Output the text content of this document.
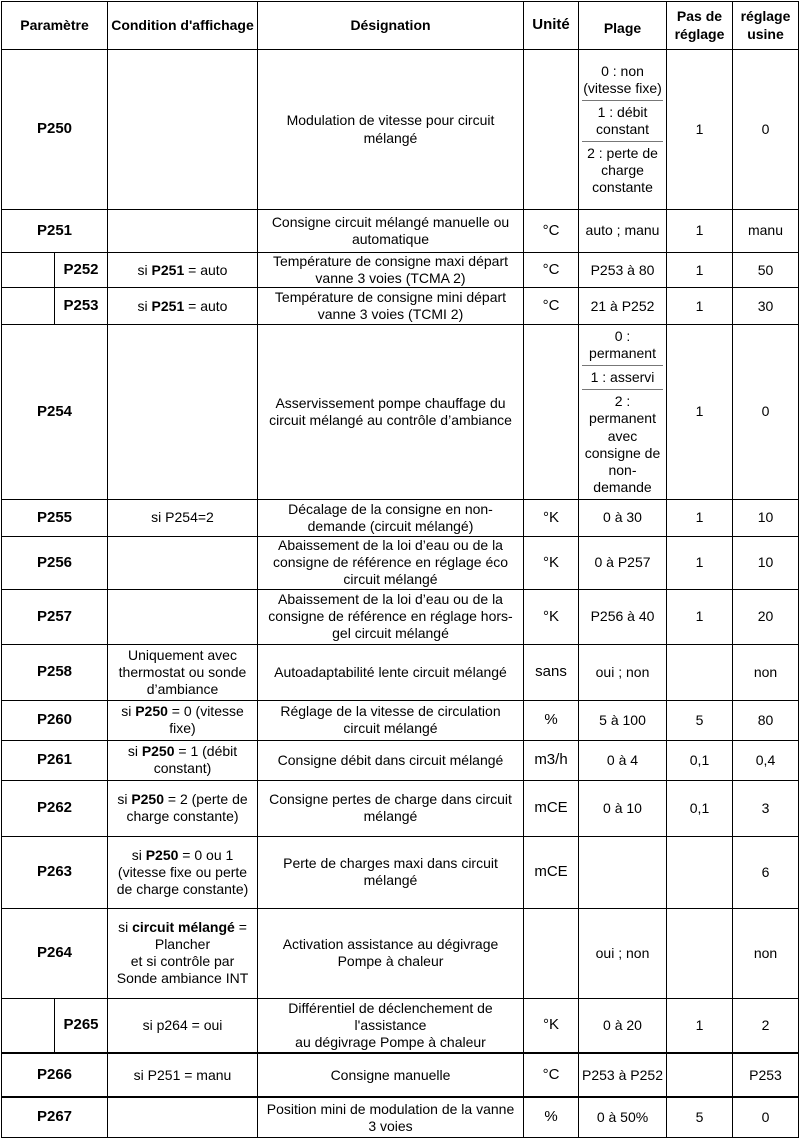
Paramètre		Condition d'affichage	Désignation	Unité	Plage	Pas de réglage	réglage usine
P250			Modulation de vitesse pour circuit mélangé		0 : non (vitesse fixe)
1 : débit constant
2 : perte de charge constante	1	0
P251			Consigne circuit mélangé manuelle ou automatique	°C	auto ; manu	1	manu
	P252	si P251 = auto	Température de consigne maxi départ vanne 3 voies (TCMA 2)	°C	P253 à 80	1	50
	P253	si P251 = auto	Température de consigne mini départ vanne 3 voies (TCMI 2)	°C	21 à P252	1	30
P254			Asservissement pompe chauffage du circuit mélangé au contrôle d’ambiance		0 : permanent
1 : asservi
2 : permanent avec consigne de non-demande	1	0
P255		si P254=2	Décalage de la consigne en non-demande (circuit mélangé)	°K	0 à 30	1	10
P256			Abaissement de la loi d’eau ou de la consigne de référence en réglage éco circuit mélangé	°K	0 à P257	1	10
P257			Abaissement de la loi d’eau ou de la consigne de référence en réglage hors-gel circuit mélangé	°K	P256 à 40	1	20
P258		Uniquement avec thermostat ou sonde d’ambiance	Autoadaptabilité lente circuit mélangé	sans	oui ; non		non
P260		si P250 = 0 (vitesse fixe)	Réglage de la vitesse de circulation circuit mélangé	%	5 à 100	5	80
P261		si P250 = 1 (débit constant)	Consigne débit dans circuit mélangé	m3/h	0 à 4	0,1	0,4
P262		si P250 = 2 (perte de charge constante)	Consigne pertes de charge dans circuit mélangé	mCE	0 à 10	0,1	3
P263		si P250 = 0 ou 1 (vitesse fixe ou perte de charge constante)	Perte de charges maxi dans circuit mélangé	mCE			6
P264		si circuit mélangé = Plancher
et si contrôle par Sonde ambiance INT	Activation assistance au dégivrage Pompe à chaleur		oui ; non		non
	P265	si p264 = oui	Différentiel de déclenchement de l'assistance
au dégivrage Pompe à chaleur	°K	0 à 20	1	2
P266		si P251 = manu	Consigne manuelle	°C	P253 à P252		P253
P267			Position mini de modulation de la vanne 3 voies	%	0 à 50%	5	0
